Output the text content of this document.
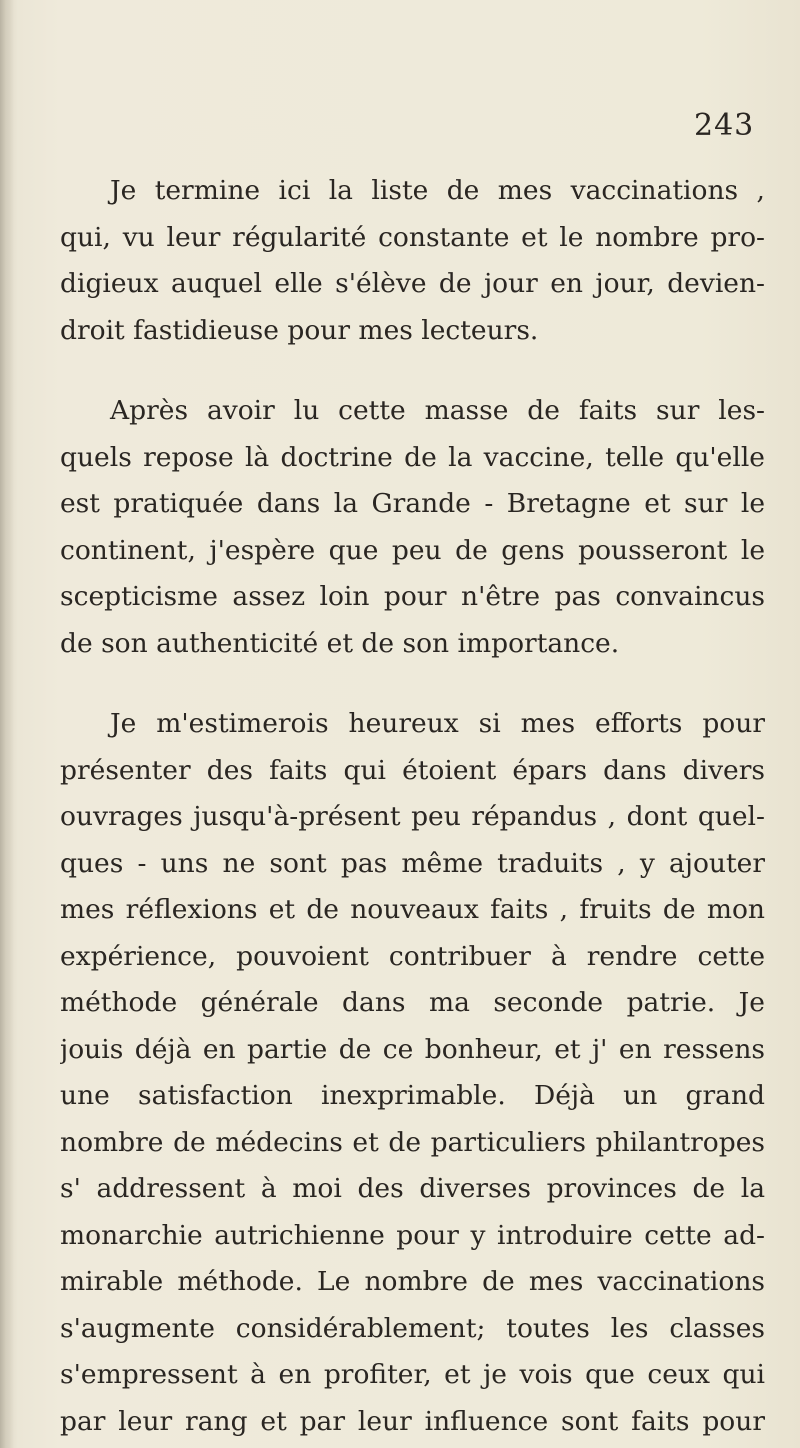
243
Je termine ici la liste de mes vaccinations ,
qui, vu leur régularité constante et le nombre pro-
digieux auquel elle s'élève de jour en jour, devien-
droit fastidieuse pour mes lecteurs.
Après avoir lu cette masse de faits sur les-
quels repose là doctrine de la vaccine, telle qu'elle
est pratiquée dans la Grande - Bretagne et sur le
continent, j'espère que peu de gens pousseront le
scepticisme assez loin pour n'être pas convaincus
de son authenticité et de son importance.
Je m'estimerois heureux si mes efforts pour
présenter des faits qui étoient épars dans divers
ouvrages jusqu'à-présent peu répandus , dont quel-
ques - uns ne sont pas même traduits , y ajouter
mes réflexions et de nouveaux faits , fruits de mon
expérience, pouvoient contribuer à rendre cette
méthode générale dans ma seconde patrie. Je
jouis déjà en partie de ce bonheur, et j' en ressens
une satisfaction inexprimable. Déjà un grand
nombre de médecins et de particuliers philantropes
s' addressent à moi des diverses provinces de la
monarchie autrichienne pour y introduire cette ad-
mirable méthode. Le nombre de mes vaccinations
s'augmente considérablement; toutes les classes
s'empressent à en profiter, et je vois que ceux qui
par leur rang et par leur influence sont faits pour
